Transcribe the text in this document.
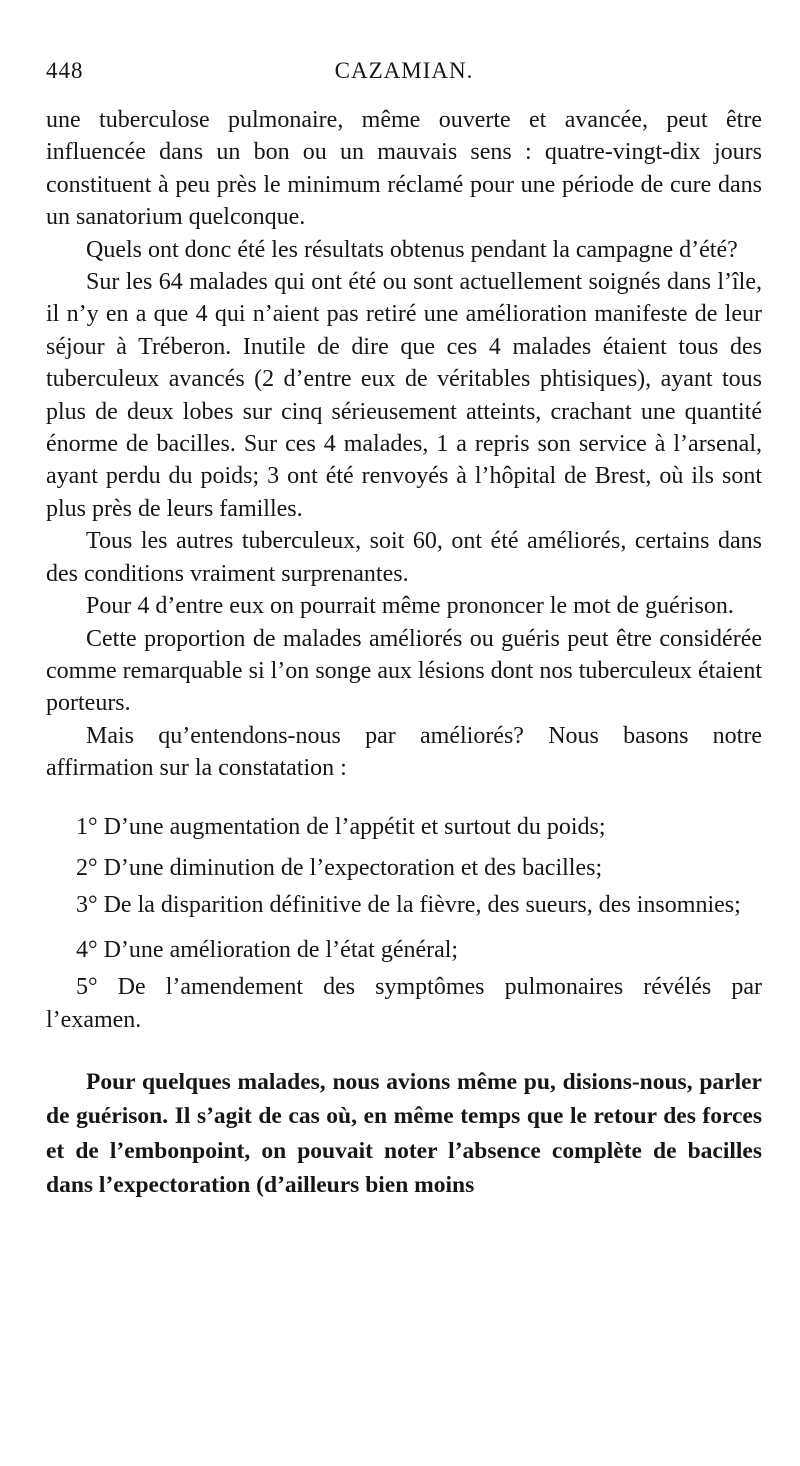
448	CAZAMIAN.

une tuberculose pulmonaire, même ouverte et avancée, peut être influencée dans un bon ou un mauvais sens : quatre-vingt-dix jours constituent à peu près le minimum réclamé pour une période de cure dans un sanatorium quelconque.

Quels ont donc été les résultats obtenus pendant la campagne d’été?

Sur les 64 malades qui ont été ou sont actuellement soignés dans l’île, il n’y en a que 4 qui n’aient pas retiré une amélioration manifeste de leur séjour à Tréberon. Inutile de dire que ces 4 malades étaient tous des tuberculeux avancés (2 d’entre eux de véritables phtisiques), ayant tous plus de deux lobes sur cinq sérieusement atteints, crachant une quantité énorme de bacilles. Sur ces 4 malades, 1 a repris son service à l’arsenal, ayant perdu du poids; 3 ont été renvoyés à l’hôpital de Brest, où ils sont plus près de leurs familles.

Tous les autres tuberculeux, soit 60, ont été améliorés, certains dans des conditions vraiment surprenantes.

Pour 4 d’entre eux on pourrait même prononcer le mot de guérison.

Cette proportion de malades améliorés ou guéris peut être considérée comme remarquable si l’on songe aux lésions dont nos tuberculeux étaient porteurs.

Mais qu’entendons-nous par améliorés? Nous basons notre affirmation sur la constatation :

1° D’une augmentation de l’appétit et surtout du poids;
2° D’une diminution de l’expectoration et des bacilles;
3° De la disparition définitive de la fièvre, des sueurs, des insomnies;
4° D’une amélioration de l’état général;
5° De l’amendement des symptômes pulmonaires révélés par l’examen.

Pour quelques malades, nous avions même pu, disions-nous, parler de guérison. Il s’agit de cas où, en même temps que le retour des forces et de l’embonpoint, on pouvait noter l’absence complète de bacilles dans l’expectoration (d’ailleurs bien moins
